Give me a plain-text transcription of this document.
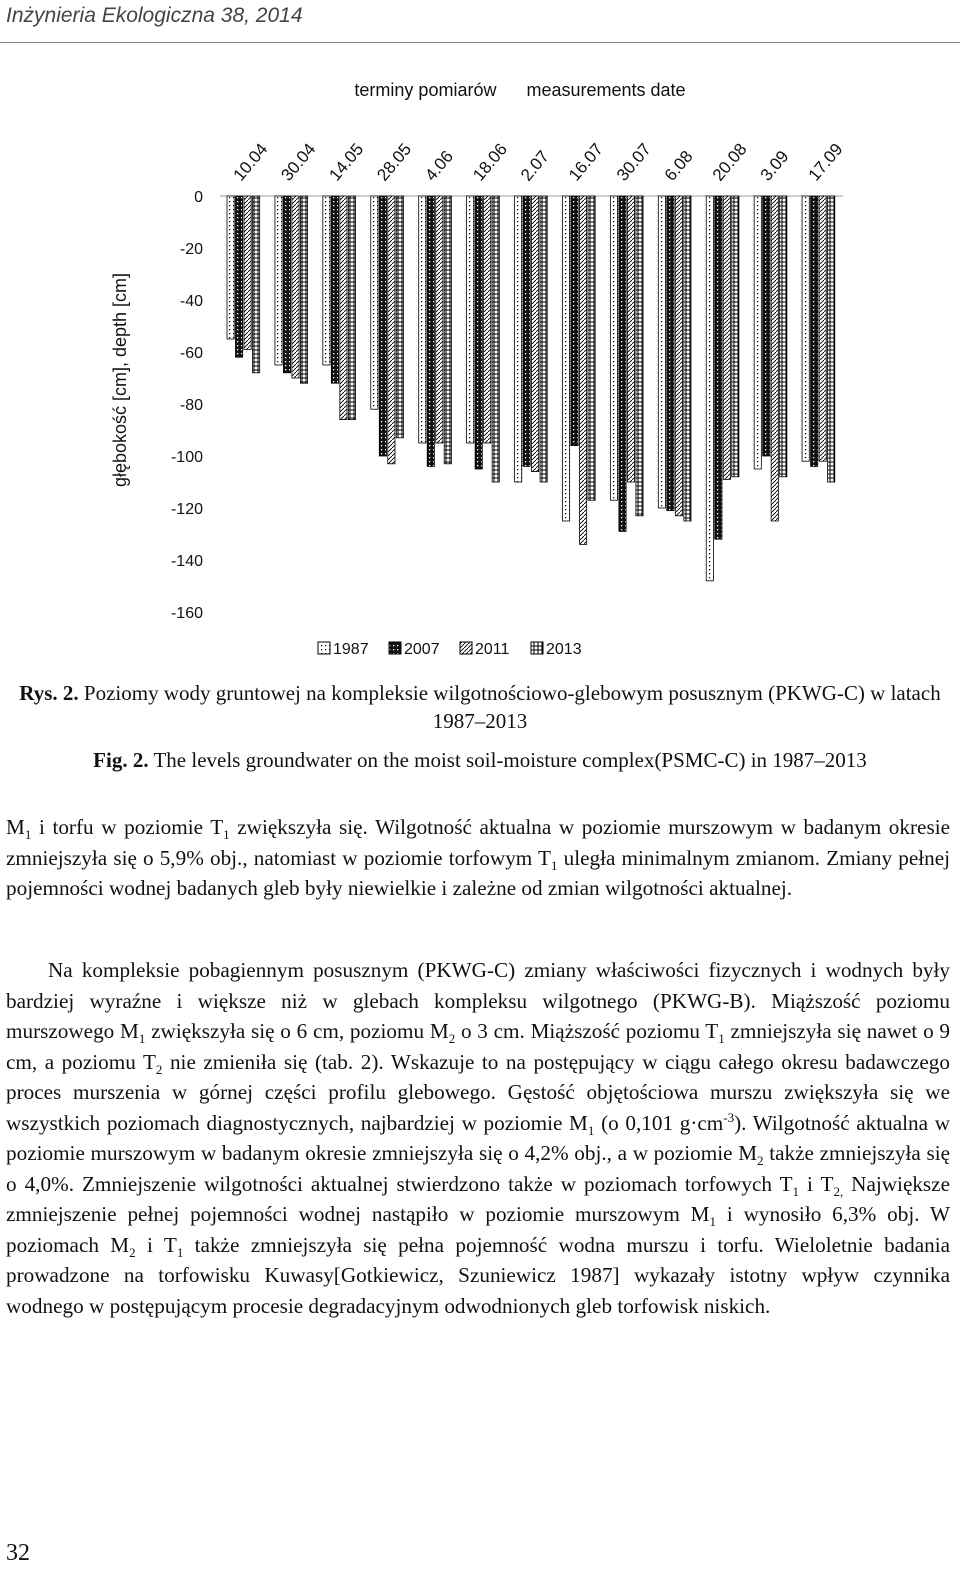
Inżynieria Ekologiczna 38, 2014
terminy pomiarów      measurements date
głębokość [cm], depth [cm]
0
-20
-40
-60
-80
-100
-120
-140
-160
10.04 30.04 14.05 28.05 4.06 18.06 2.07 16.07 30.07 6.08 20.08 3.09 17.09
1987 2007 2011 2013
Rys. 2. Poziomy wody gruntowej na kompleksie wilgotnościowo-glebowym posusznym (PKWG-C) w latach 1987–2013
Fig. 2. The levels groundwater on the moist soil-moisture complex(PSMC-C) in 1987–2013
$M_1$ i torfu w poziomie $T_1$ zwiększyła się. Wilgotność aktualna w poziomie murszowym w badanym okresie zmniejszyła się o 5,9% obj., natomiast w poziomie torfowym $T_1$ uległa minimalnym zmianom. Zmiany pełnej pojemności wodnej badanych gleb były niewielkie i zależne od zmian wilgotności aktualnej.
Na kompleksie pobagiennym posusznym (PKWG-C) zmiany właściwości fizycznych i wodnych były bardziej wyraźne i większe niż w glebach kompleksu wilgotnego (PKWG-B). Miąższość poziomu murszowego $M_1$ zwiększyła się o 6 cm, poziomu $M_2$ o 3 cm. Miąższość poziomu $T_1$ zmniejszyła się nawet o 9 cm, a poziomu $T_2$ nie zmieniła się (tab. 2). Wskazuje to na postępujący w ciągu całego okresu badawczego proces murszenia w górnej części profilu glebowego. Gęstość objętościowa murszu zwiększyła się we wszystkich poziomach diagnostycznych, najbardziej w poziomie $M_1$ (o 0,101 $g\cdot cm^{-3}$). Wilgotność aktualna w poziomie murszowym w badanym okresie zmniejszyła się o 4,2% obj., a w poziomie $M_2$ także zmniejszyła się o 4,0%. Zmniejszenie wilgotności aktualnej stwierdzono także w poziomach torfowych $T_1$ i $T_{2,}$ Największe zmniejszenie pełnej pojemności wodnej nastąpiło w poziomie murszowym $M_1$ i wynosiło 6,3% obj. W poziomach $M_2$ i $T_1$ także zmniejszyła się pełna pojemność wodna murszu i torfu. Wieloletnie badania prowadzone na torfowisku Kuwasy[Gotkiewicz, Szuniewicz 1987] wykazały istotny wpływ czynnika wodnego w postępującym procesie degradacyjnym odwodnionych gleb torfowisk niskich.
32
